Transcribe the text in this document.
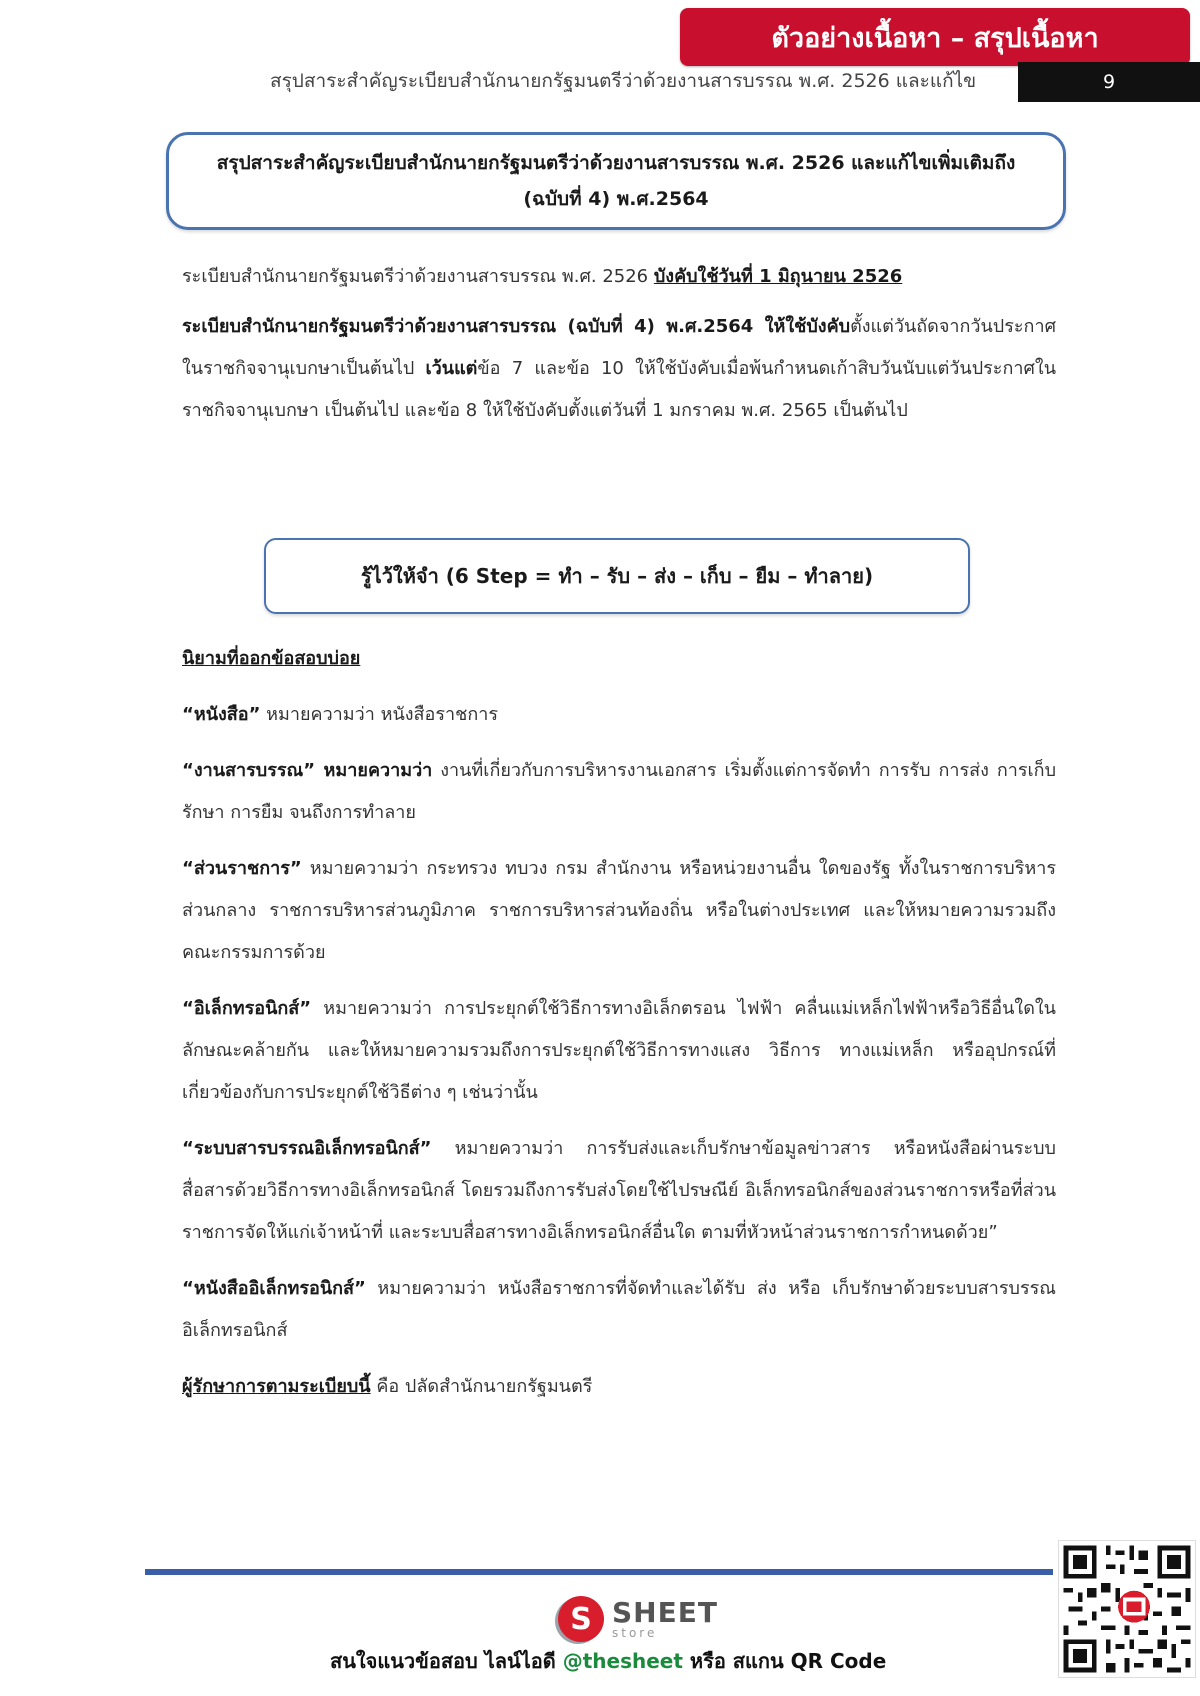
ตัวอย่างเนื้อหา – สรุปเนื้อหา
สรุปสาระสำคัญระเบียบสำนักนายกรัฐมนตรีว่าด้วยงานสารบรรณ พ.ศ. 2526 และแก้ไข	9
สรุปสาระสำคัญระเบียบสำนักนายกรัฐมนตรีว่าด้วยงานสารบรรณ พ.ศ. 2526 และแก้ไขเพิ่มเติมถึง
(ฉบับที่ 4) พ.ศ.2564

ระเบียบสำนักนายกรัฐมนตรีว่าด้วยงานสารบรรณ พ.ศ. 2526 บังคับใช้วันที่ 1 มิถุนายน 2526

ระเบียบสำนักนายกรัฐมนตรีว่าด้วยงานสารบรรณ (ฉบับที่ 4) พ.ศ.2564 ให้ใช้บังคับตั้งแต่วันถัดจากวันประกาศในราชกิจจานุเบกษาเป็นต้นไป เว้นแต่ข้อ 7 และข้อ 10 ให้ใช้บังคับเมื่อพ้นกำหนดเก้าสิบวันนับแต่วันประกาศในราชกิจจานุเบกษา เป็นต้นไป และข้อ 8 ให้ใช้บังคับตั้งแต่วันที่ 1 มกราคม พ.ศ. 2565 เป็นต้นไป

รู้ไว้ให้จำ (6 Step = ทำ – รับ – ส่ง – เก็บ – ยืม – ทำลาย)

นิยามที่ออกข้อสอบบ่อย

“หนังสือ” หมายความว่า หนังสือราชการ

“งานสารบรรณ” หมายความว่า งานที่เกี่ยวกับการบริหารงานเอกสาร เริ่มตั้งแต่การจัดทำ การรับ การส่ง การเก็บรักษา การยืม จนถึงการทำลาย

“ส่วนราชการ” หมายความว่า กระทรวง ทบวง กรม สำนักงาน หรือหน่วยงานอื่น ใดของรัฐ ทั้งในราชการบริหารส่วนกลาง ราชการบริหารส่วนภูมิภาค ราชการบริหารส่วนท้องถิ่น หรือในต่างประเทศ และให้หมายความรวมถึงคณะกรรมการด้วย

“อิเล็กทรอนิกส์” หมายความว่า การประยุกต์ใช้วิธีการทางอิเล็กตรอน ไฟฟ้า คลื่นแม่เหล็กไฟฟ้าหรือวิธีอื่นใดในลักษณะคล้ายกัน และให้หมายความรวมถึงการประยุกต์ใช้วิธีการทางแสง วิธีการ ทางแม่เหล็ก หรืออุปกรณ์ที่เกี่ยวข้องกับการประยุกต์ใช้วิธีต่าง ๆ เช่นว่านั้น

“ระบบสารบรรณอิเล็กทรอนิกส์” หมายความว่า การรับส่งและเก็บรักษาข้อมูลข่าวสาร หรือหนังสือผ่านระบบสื่อสารด้วยวิธีการทางอิเล็กทรอนิกส์ โดยรวมถึงการรับส่งโดยใช้ไปรษณีย์ อิเล็กทรอนิกส์ของส่วนราชการหรือที่ส่วนราชการจัดให้แก่เจ้าหน้าที่ และระบบสื่อสารทางอิเล็กทรอนิกส์อื่นใด ตามที่หัวหน้าส่วนราชการกำหนดด้วย”

“หนังสืออิเล็กทรอนิกส์” หมายความว่า หนังสือราชการที่จัดทำและได้รับ ส่ง หรือ เก็บรักษาด้วยระบบสารบรรณอิเล็กทรอนิกส์

ผู้รักษาการตามระเบียบนี้ คือ ปลัดสำนักนายกรัฐมนตรี

S SHEET
store
สนใจแนวข้อสอบ ไลน์ไอดี @thesheet หรือ สแกน QR Code
